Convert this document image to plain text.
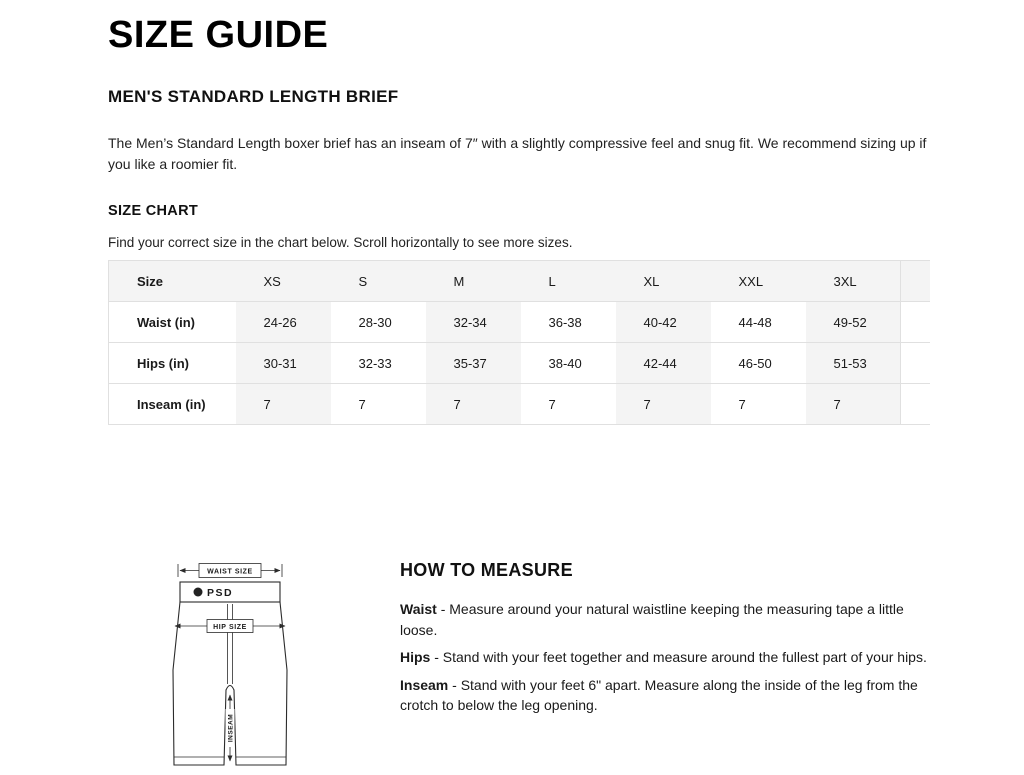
SIZE GUIDE
MEN'S STANDARD LENGTH BRIEF

The Men’s Standard Length boxer brief has an inseam of 7″ with a slightly compressive feel and snug fit. We recommend sizing up if you like a roomier fit.

SIZE CHART

Find your correct size in the chart below. Scroll horizontally to see more sizes.

Size	XS	S	M	L	XL	XXL	3XL	
Waist (in)	24-26	28-30	32-34	36-38	40-42	44-48	49-52	
Hips (in)	30-31	32-33	35-37	38-40	42-44	46-50	51-53	
Inseam (in)	7	7	7	7	7	7	7	
WAIST SIZE
PSD
HIP SIZE
INSEAM
HOW TO MEASURE

Waist - Measure around your natural waistline keeping the measuring tape a little loose.

Hips - Stand with your feet together and measure around the fullest part of your hips.

Inseam - Stand with your feet 6" apart. Measure along the inside of the leg from the crotch to below the leg opening.
